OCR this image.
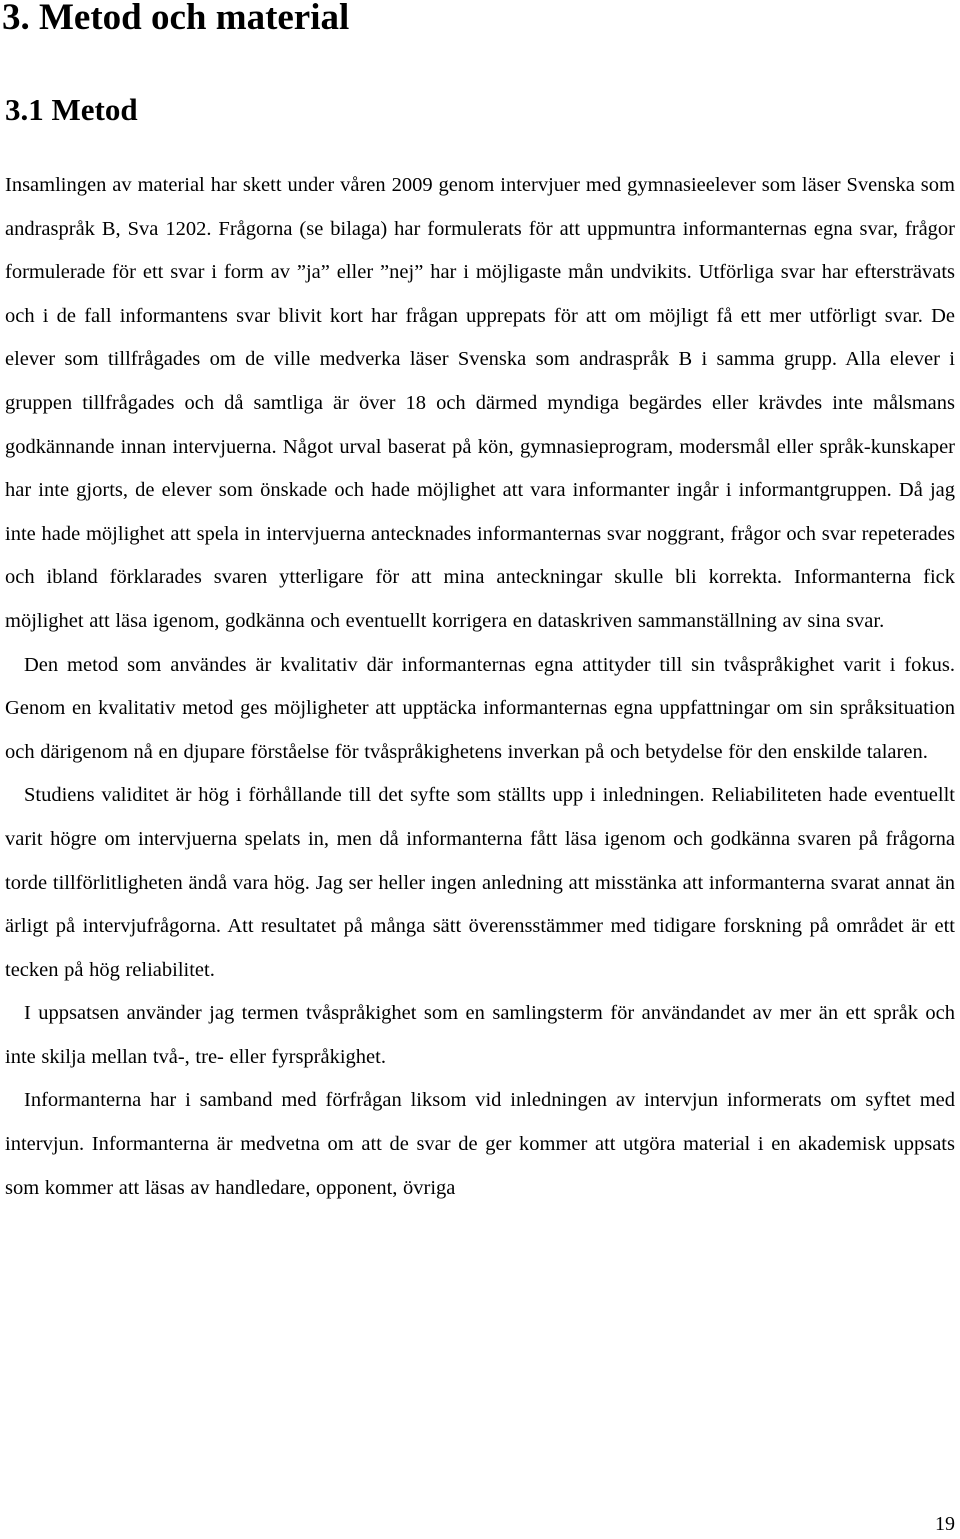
3. Metod och material
3.1 Metod

Insamlingen av material har skett under våren 2009 genom intervjuer med gymnasieelever som läser Svenska som andraspråk B, Sva 1202. Frågorna (se bilaga) har formulerats för att uppmuntra informanternas egna svar, frågor formulerade för ett svar i form av ”ja” eller ”nej” har i möjligaste mån undvikits. Utförliga svar har eftersträvats och i de fall informantens svar blivit kort har frågan upprepats för att om möjligt få ett mer utförligt svar. De elever som tillfrågades om de ville medverka läser Svenska som andraspråk B i samma grupp. Alla elever i gruppen tillfrågades och då samtliga är över 18 och därmed myndiga begärdes eller krävdes inte målsmans godkännande innan intervjuerna. Något urval baserat på kön, gymnasieprogram, modersmål eller språk-kunskaper har inte gjorts, de elever som önskade och hade möjlighet att vara informanter ingår i informantgruppen. Då jag inte hade möjlighet att spela in intervjuerna antecknades informanternas svar noggrant, frågor och svar repeterades och ibland förklarades svaren ytterligare för att mina anteckningar skulle bli korrekta. Informanterna fick möjlighet att läsa igenom, godkänna och eventuellt korrigera en dataskriven sammanställning av sina svar.

Den metod som användes är kvalitativ där informanternas egna attityder till sin tvåspråkighet varit i fokus. Genom en kvalitativ metod ges möjligheter att upptäcka informanternas egna uppfattningar om sin språksituation och därigenom nå en djupare förståelse för tvåspråkighetens inverkan på och betydelse för den enskilde talaren.

Studiens validitet är hög i förhållande till det syfte som ställts upp i inledningen. Reliabiliteten hade eventuellt varit högre om intervjuerna spelats in, men då informanterna fått läsa igenom och godkänna svaren på frågorna torde tillförlitligheten ändå vara hög. Jag ser heller ingen anledning att misstänka att informanterna svarat annat än ärligt på intervjufrågorna. Att resultatet på många sätt överensstämmer med tidigare forskning på området är ett tecken på hög reliabilitet.

I uppsatsen använder jag termen tvåspråkighet som en samlingsterm för användandet av mer än ett språk och inte skilja mellan två-, tre- eller fyrspråkighet.

Informanterna har i samband med förfrågan liksom vid inledningen av intervjun informerats om syftet med intervjun. Informanterna är medvetna om att de svar de ger kommer att utgöra material i en akademisk uppsats som kommer att läsas av handledare, opponent, övriga

19
